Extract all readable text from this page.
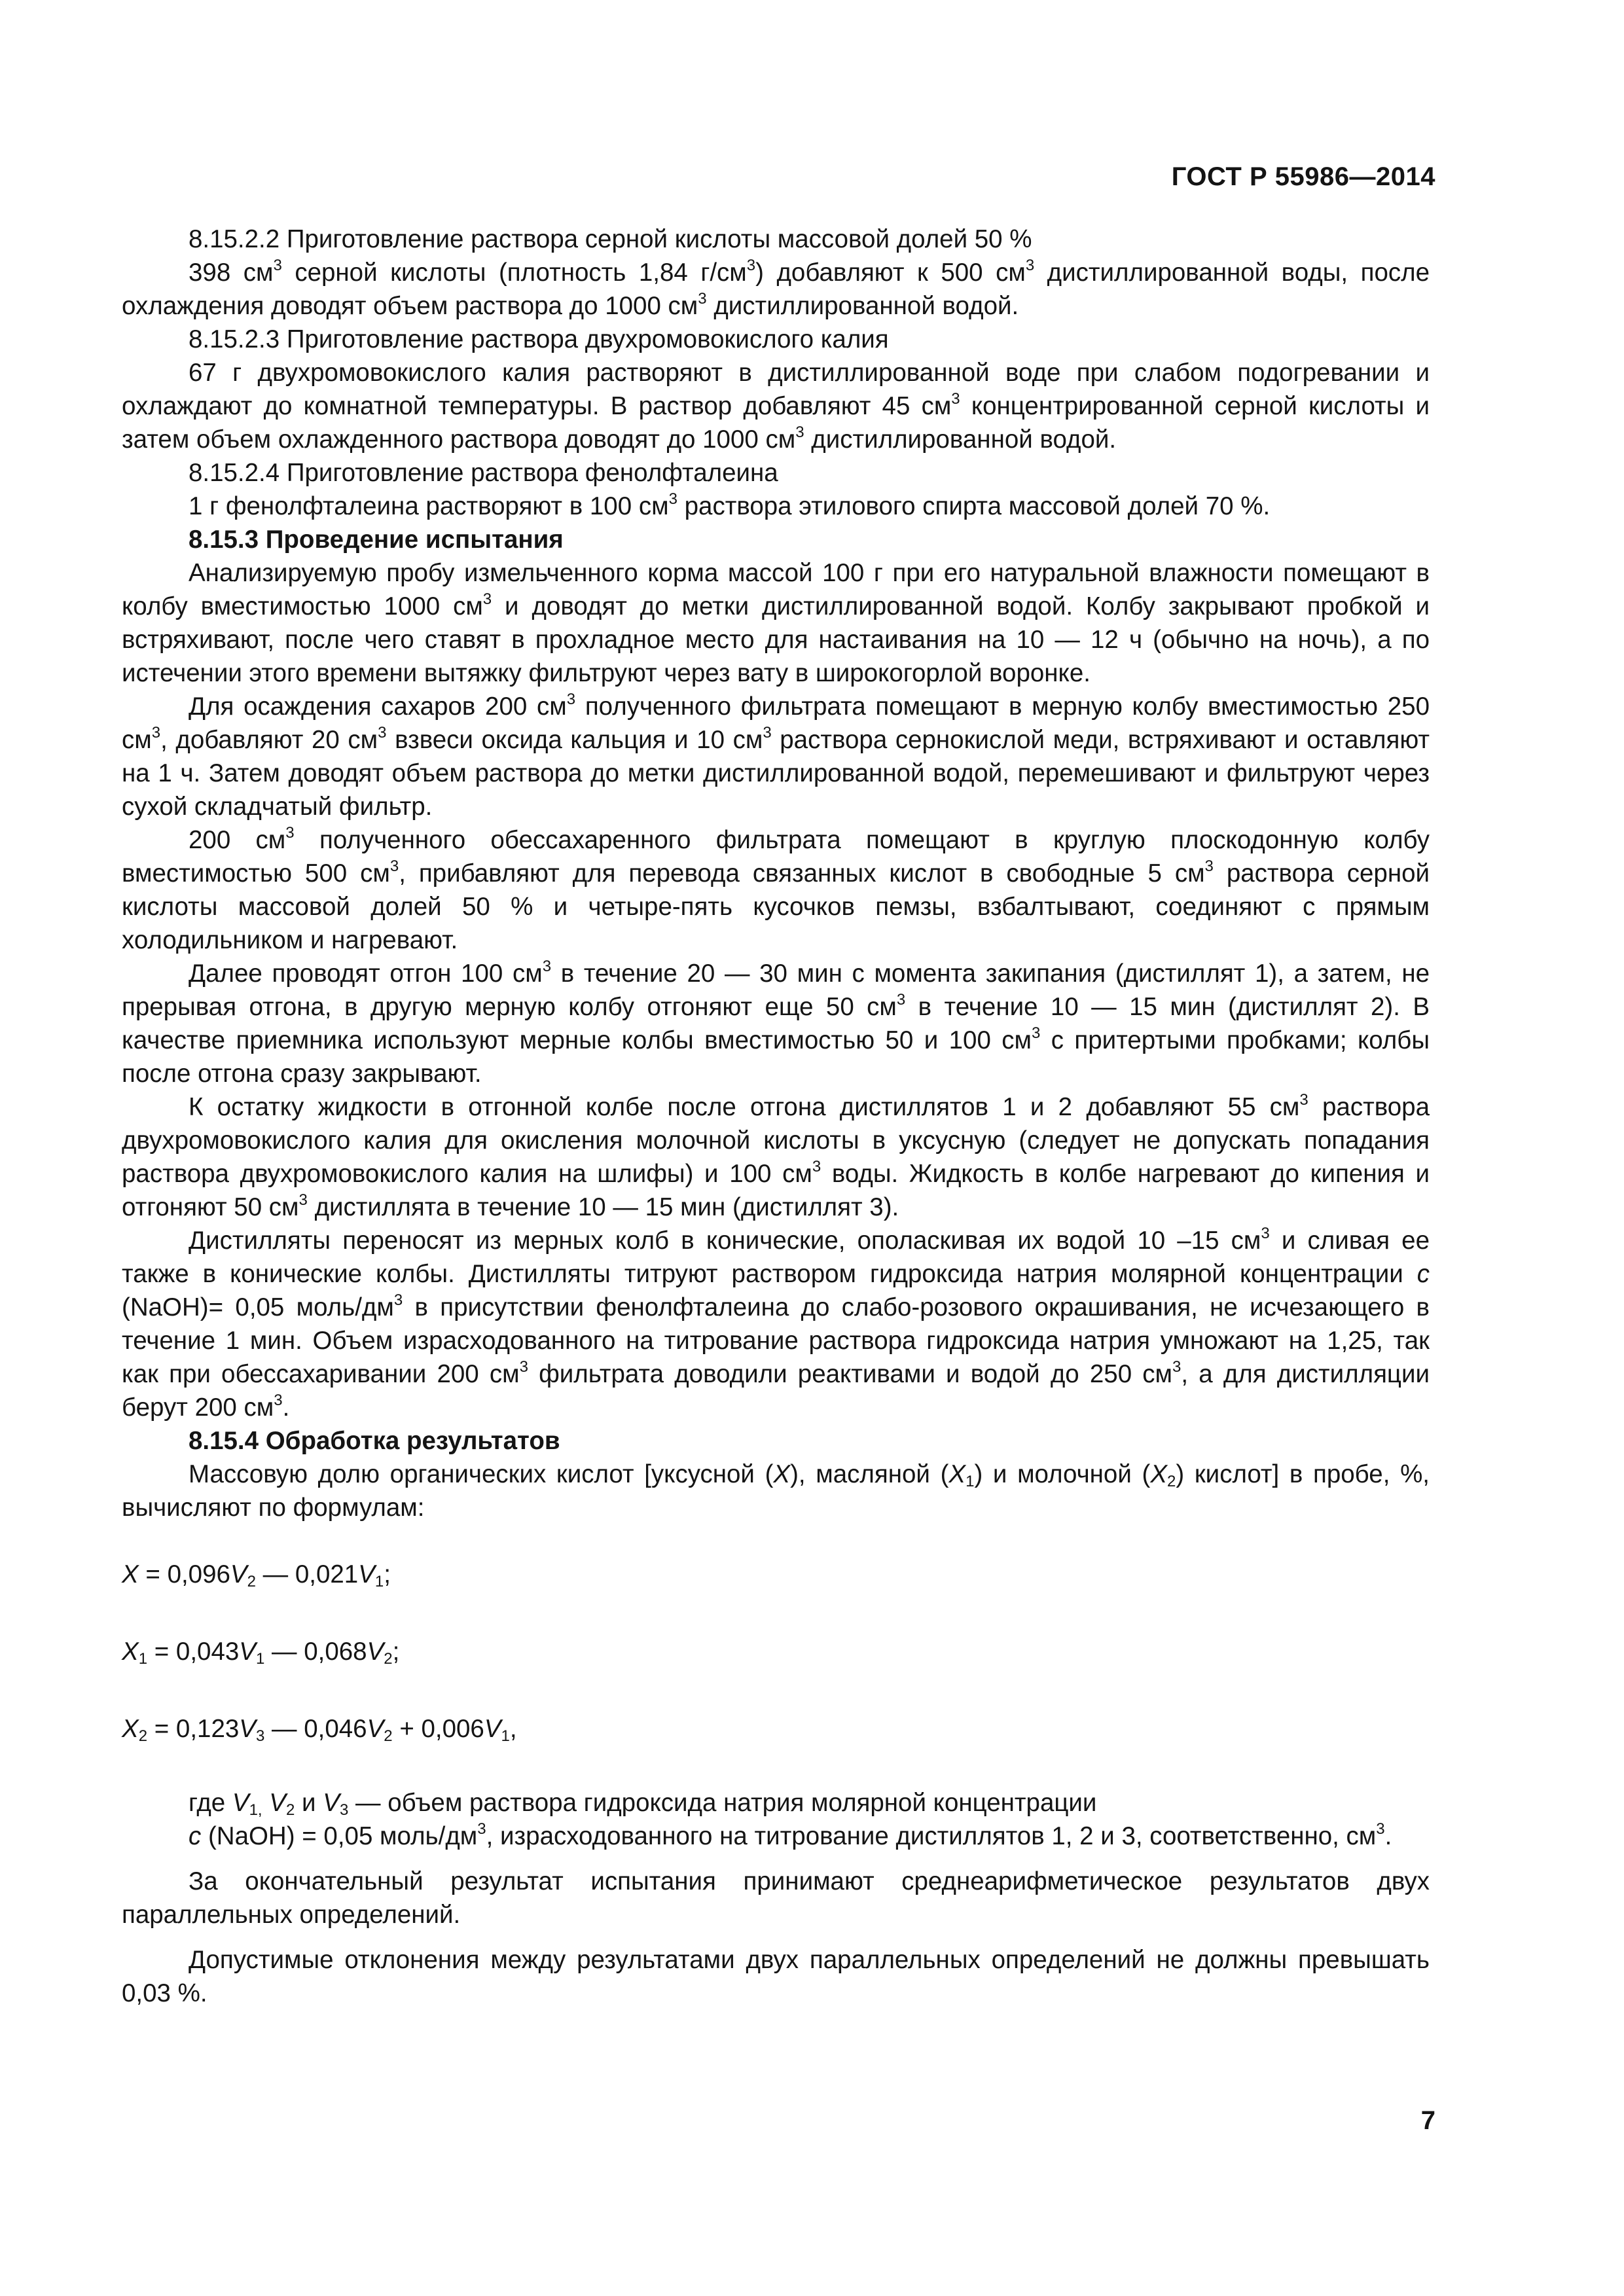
ГОСТ Р 55986—2014

8.15.2.2 Приготовление раствора серной кислоты массовой долей 50 %

398 $см^3$ серной кислоты (плотность 1,84 $г/см^3$) добавляют к 500 $см^3$ дистиллированной воды, после охлаждения доводят объем раствора до 1000 $см^3$ дистиллированной водой.

8.15.2.3 Приготовление раствора двухромовокислого калия

67 г двухромовокислого калия растворяют в дистиллированной воде при слабом подогревании и охлаждают до комнатной температуры. В раствор добавляют 45 $см^3$ концентрированной серной кислоты и затем объем охлажденного раствора доводят до 1000 $см^3$ дистиллированной водой.

8.15.2.4 Приготовление раствора фенолфталеина

1 г фенолфталеина растворяют в 100 $см^3$ раствора этилового спирта массовой долей 70 %.

8.15.3 Проведение испытания

Анализируемую пробу измельченного корма массой 100 г при его натуральной влажности помещают в колбу вместимостью 1000 $см^3$ и доводят до метки дистиллированной водой. Колбу закрывают пробкой и встряхивают, после чего ставят в прохладное место для настаивания на 10 — 12 ч (обычно на ночь), а по истечении этого времени вытяжку фильтруют через вату в широкогорлой воронке.

Для осаждения сахаров 200 $см^3$ полученного фильтрата помещают в мерную колбу вместимостью 250 $см^3$, добавляют 20 $см^3$ взвеси оксида кальция и 10 $см^3$ раствора сернокислой меди, встряхивают и оставляют на 1 ч. Затем доводят объем раствора до метки дистиллированной водой, перемешивают и фильтруют через сухой складчатый фильтр.

200 $см^3$ полученного обессахаренного фильтрата помещают в круглую плоскодонную колбу вместимостью 500 $см^3$, прибавляют для перевода связанных кислот в свободные 5 $см^3$ раствора серной кислоты массовой долей 50 % и четыре-пять кусочков пемзы, взбалтывают, соединяют с прямым холодильником и нагревают.

Далее проводят отгон 100 $см^3$ в течение 20 — 30 мин с момента закипания (дистиллят 1), а затем, не прерывая отгона, в другую мерную колбу отгоняют еще 50 $см^3$ в течение 10 — 15 мин (дистиллят 2). В качестве приемника используют мерные колбы вместимостью 50 и 100 $см^3$ с притертыми пробками; колбы после отгона сразу закрывают.

К остатку жидкости в отгонной колбе после отгона дистиллятов 1 и 2 добавляют 55 $см^3$ раствора двухромовокислого калия для окисления молочной кислоты в уксусную (следует не допускать попадания раствора двухромовокислого калия на шлифы) и 100 $см^3$ воды. Жидкость в колбе нагревают до кипения и отгоняют 50 $см^3$ дистиллята в течение 10 — 15 мин (дистиллят 3).

Дистилляты переносят из мерных колб в конические, ополаскивая их водой 10 –15 $см^3$ и сливая ее также в конические колбы. Дистилляты титруют раствором гидроксида натрия молярной концентрации с (NaOH)= 0,05 моль/$дм^3$ в присутствии фенолфталеина до слабо-розового окрашивания, не исчезающего в течение 1 мин. Объем израсходованного на титрование раствора гидроксида натрия умножают на 1,25, так как при обессахаривании 200 $см^3$ фильтрата доводили реактивами и водой до 250 $см^3$, а для дистилляции берут 200 $см^3$.

8.15.4 Обработка результатов

Массовую долю органических кислот [уксусной (X), масляной $(X_1)$ и молочной $(X_2)$ кислот] в пробе, %, вычисляют по формулам:

$X = 0,096V_2$ — $0,021V_1$;

$X_1 = 0,043V_1$ — $0,068V_2$;

$X_2 = 0,123V_3$ — $0,046V_2 + 0,006V_1$,

где $V_{1,}$ $V_2$ и $V_3$ — объем раствора гидроксида натрия молярной концентрации

с (NaOH) = 0,05 моль/$дм^3$, израсходованного на титрование дистиллятов 1, 2 и 3, соответственно, $см^3$.

За окончательный результат испытания принимают среднеарифметическое результатов двух параллельных определений.

Допустимые отклонения между результатами двух параллельных определений не должны превышать 0,03 %.

7
